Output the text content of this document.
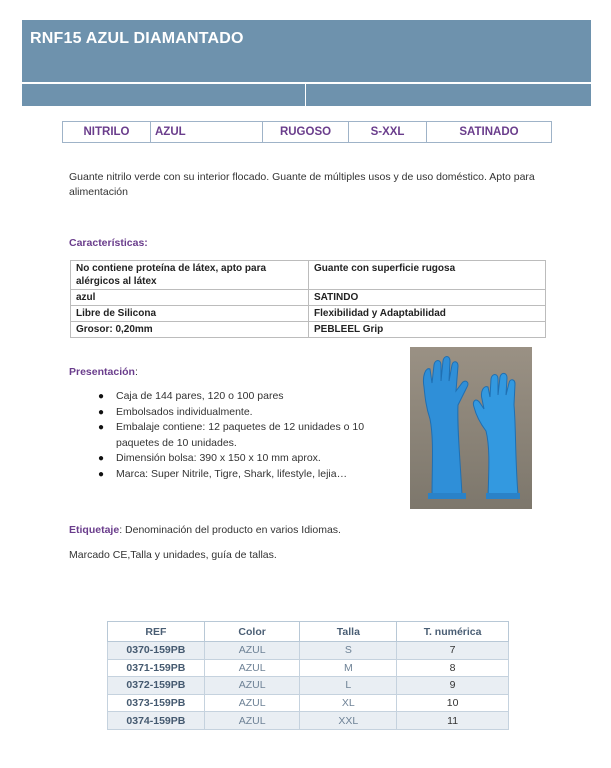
RNF15 AZUL DIAMANTADO
NITRILO	AZUL	RUGOSO	S-XXL	SATINADO

Guante nitrilo verde con su interior flocado. Guante de múltiples usos y de uso doméstico. Apto para alimentación

Características:
No contiene proteína de látex, apto para alérgicos al látex	Guante con superficie rugosa
azul	SATINDO
Libre de Silicona	Flexibilidad y Adaptabilidad
Grosor: 0,20mm	PEBLEEL Grip
Presentación:
● Caja de 144 pares, 120 o 100 pares
● Embolsados individualmente.
● Embalaje contiene: 12 paquetes de 12 unidades o 10 paquetes de 10 unidades.
● Dimensión bolsa: 390 x 150 x 10 mm aprox.
● Marca: Super Nitrile, Tigre, Shark, lifestyle, lejia…
Etiquetaje: Denominación del producto en varios Idiomas.
Marcado CE,Talla y unidades, guía de tallas.
REF	Color	Talla	T. numérica
0370-159PB	AZUL	S	7
0371-159PB	AZUL	M	8
0372-159PB	AZUL	L	9
0373-159PB	AZUL	XL	10
0374-159PB	AZUL	XXL	11
